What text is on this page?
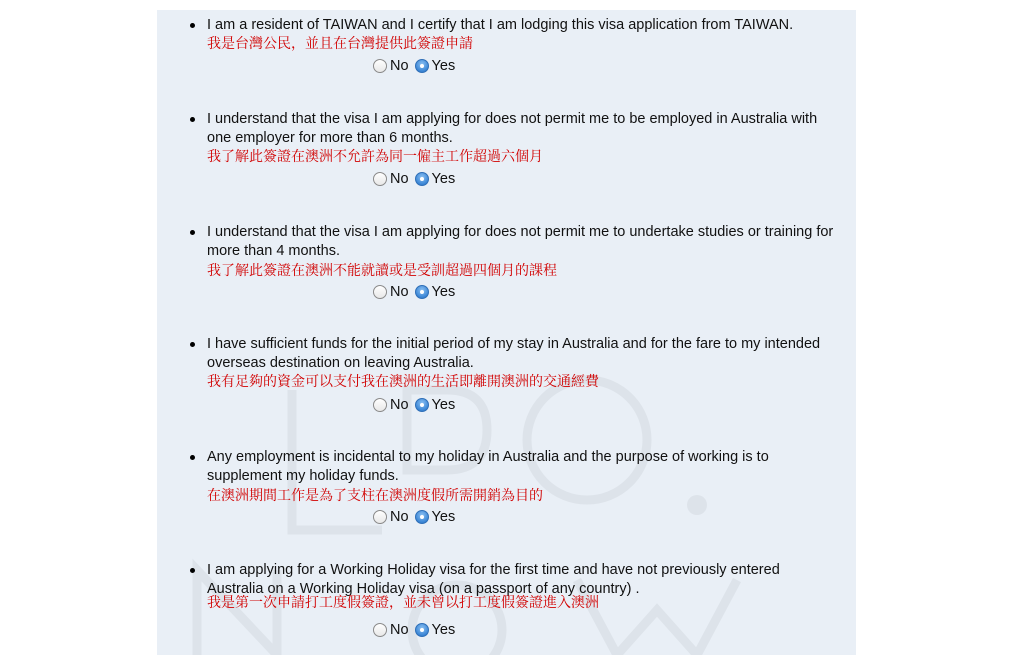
I am a resident of TAIWAN and I certify that I am lodging this visa application from TAIWAN.
我是台灣公民，並且在台灣提供此簽證申請
No Yes
I understand that the visa I am applying for does not permit me to be employed in Australia with one employer for more than 6 months.
我了解此簽證在澳洲不允許為同一僱主工作超過六個月
No Yes
I understand that the visa I am applying for does not permit me to undertake studies or training for more than 4 months.
我了解此簽證在澳洲不能就讀或是受訓超過四個月的課程
No Yes
I have sufficient funds for the initial period of my stay in Australia and for the fare to my intended overseas destination on leaving Australia.
我有足夠的資金可以支付我在澳洲的生活即離開澳洲的交通經費
No Yes
Any employment is incidental to my holiday in Australia and the purpose of working is to supplement my holiday funds.
在澳洲期間工作是為了支柱在澳洲度假所需開銷為目的
No Yes
I am applying for a Working Holiday visa for the first time and have not previously entered Australia on a Working Holiday visa (on a passport of any country) .
我是第一次申請打工度假簽證，並未曾以打工度假簽證進入澳洲
No Yes
